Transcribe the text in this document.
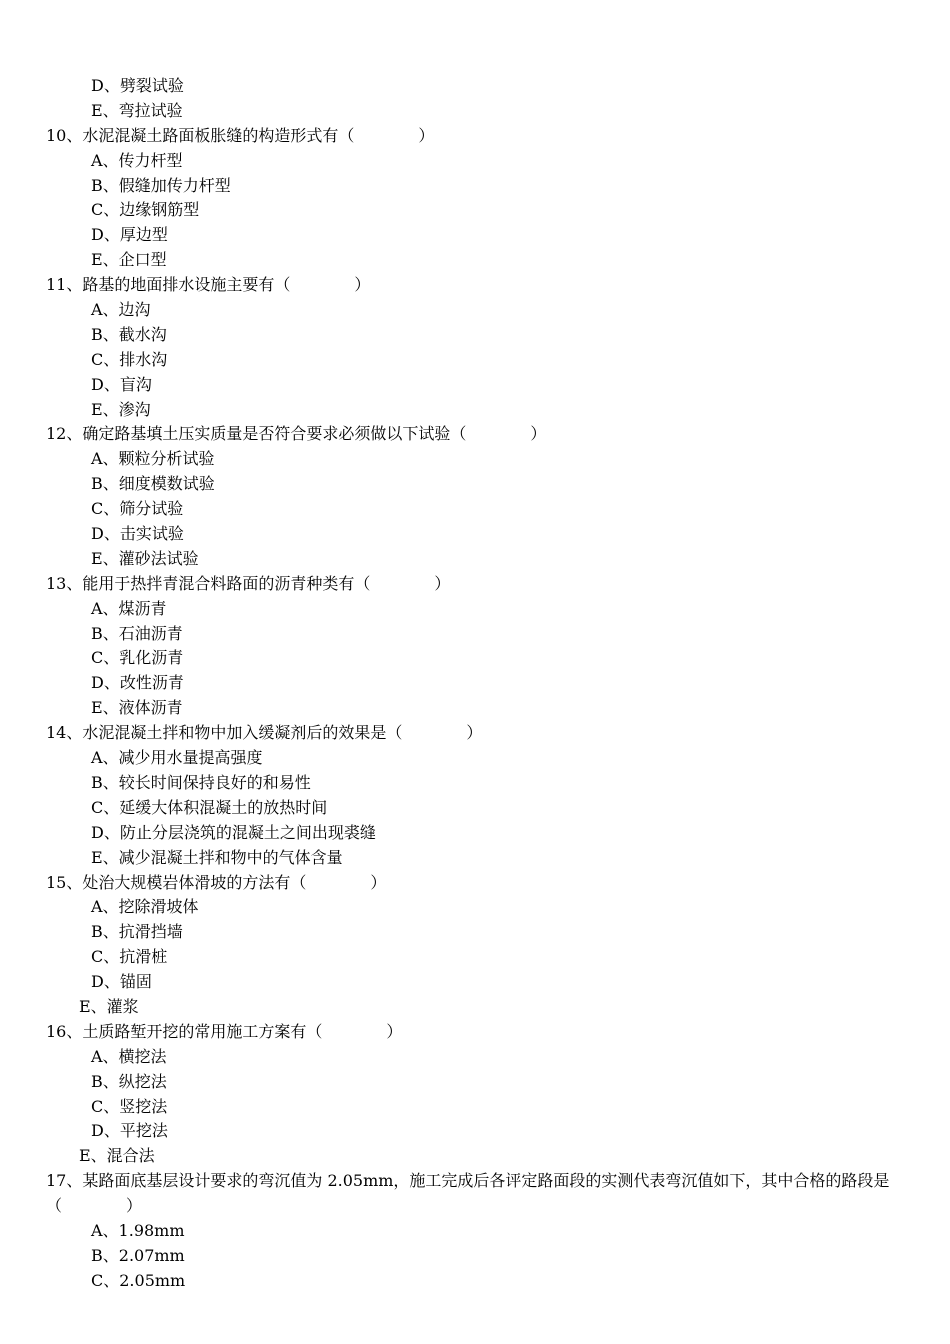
D、劈裂试验
E、弯拉试验
10、水泥混凝土路面板胀缝的构造形式有（　　　　）
A、传力杆型
B、假缝加传力杆型
C、边缘钢筋型
D、厚边型
E、企口型
11、路基的地面排水设施主要有（　　　　）
A、边沟
B、截水沟
C、排水沟
D、盲沟
E、渗沟
12、确定路基填土压实质量是否符合要求必须做以下试验（　　　　）
A、颗粒分析试验
B、细度模数试验
C、筛分试验
D、击实试验
E、灌砂法试验
13、能用于热拌青混合料路面的沥青种类有（　　　　）
A、煤沥青
B、石油沥青
C、乳化沥青
D、改性沥青
E、液体沥青
14、水泥混凝土拌和物中加入缓凝剂后的效果是（　　　　）
A、减少用水量提高强度
B、较长时间保持良好的和易性
C、延缓大体积混凝土的放热时间
D、防止分层浇筑的混凝土之间出现裘缝
E、减少混凝土拌和物中的气体含量
15、处治大规模岩体滑坡的方法有（　　　　）
A、挖除滑坡体
B、抗滑挡墙
C、抗滑桩
D、锚固
E、灌浆
16、土质路堑开挖的常用施工方案有（　　　　）
A、横挖法
B、纵挖法
C、竖挖法
D、平挖法
E、混合法
17、某路面底基层设计要求的弯沉值为 2.05mm，施工完成后各评定路面段的实测代表弯沉值如下，其中合格的路段是（　　　　）
A、1.98mm
B、2.07mm
C、2.05mm
